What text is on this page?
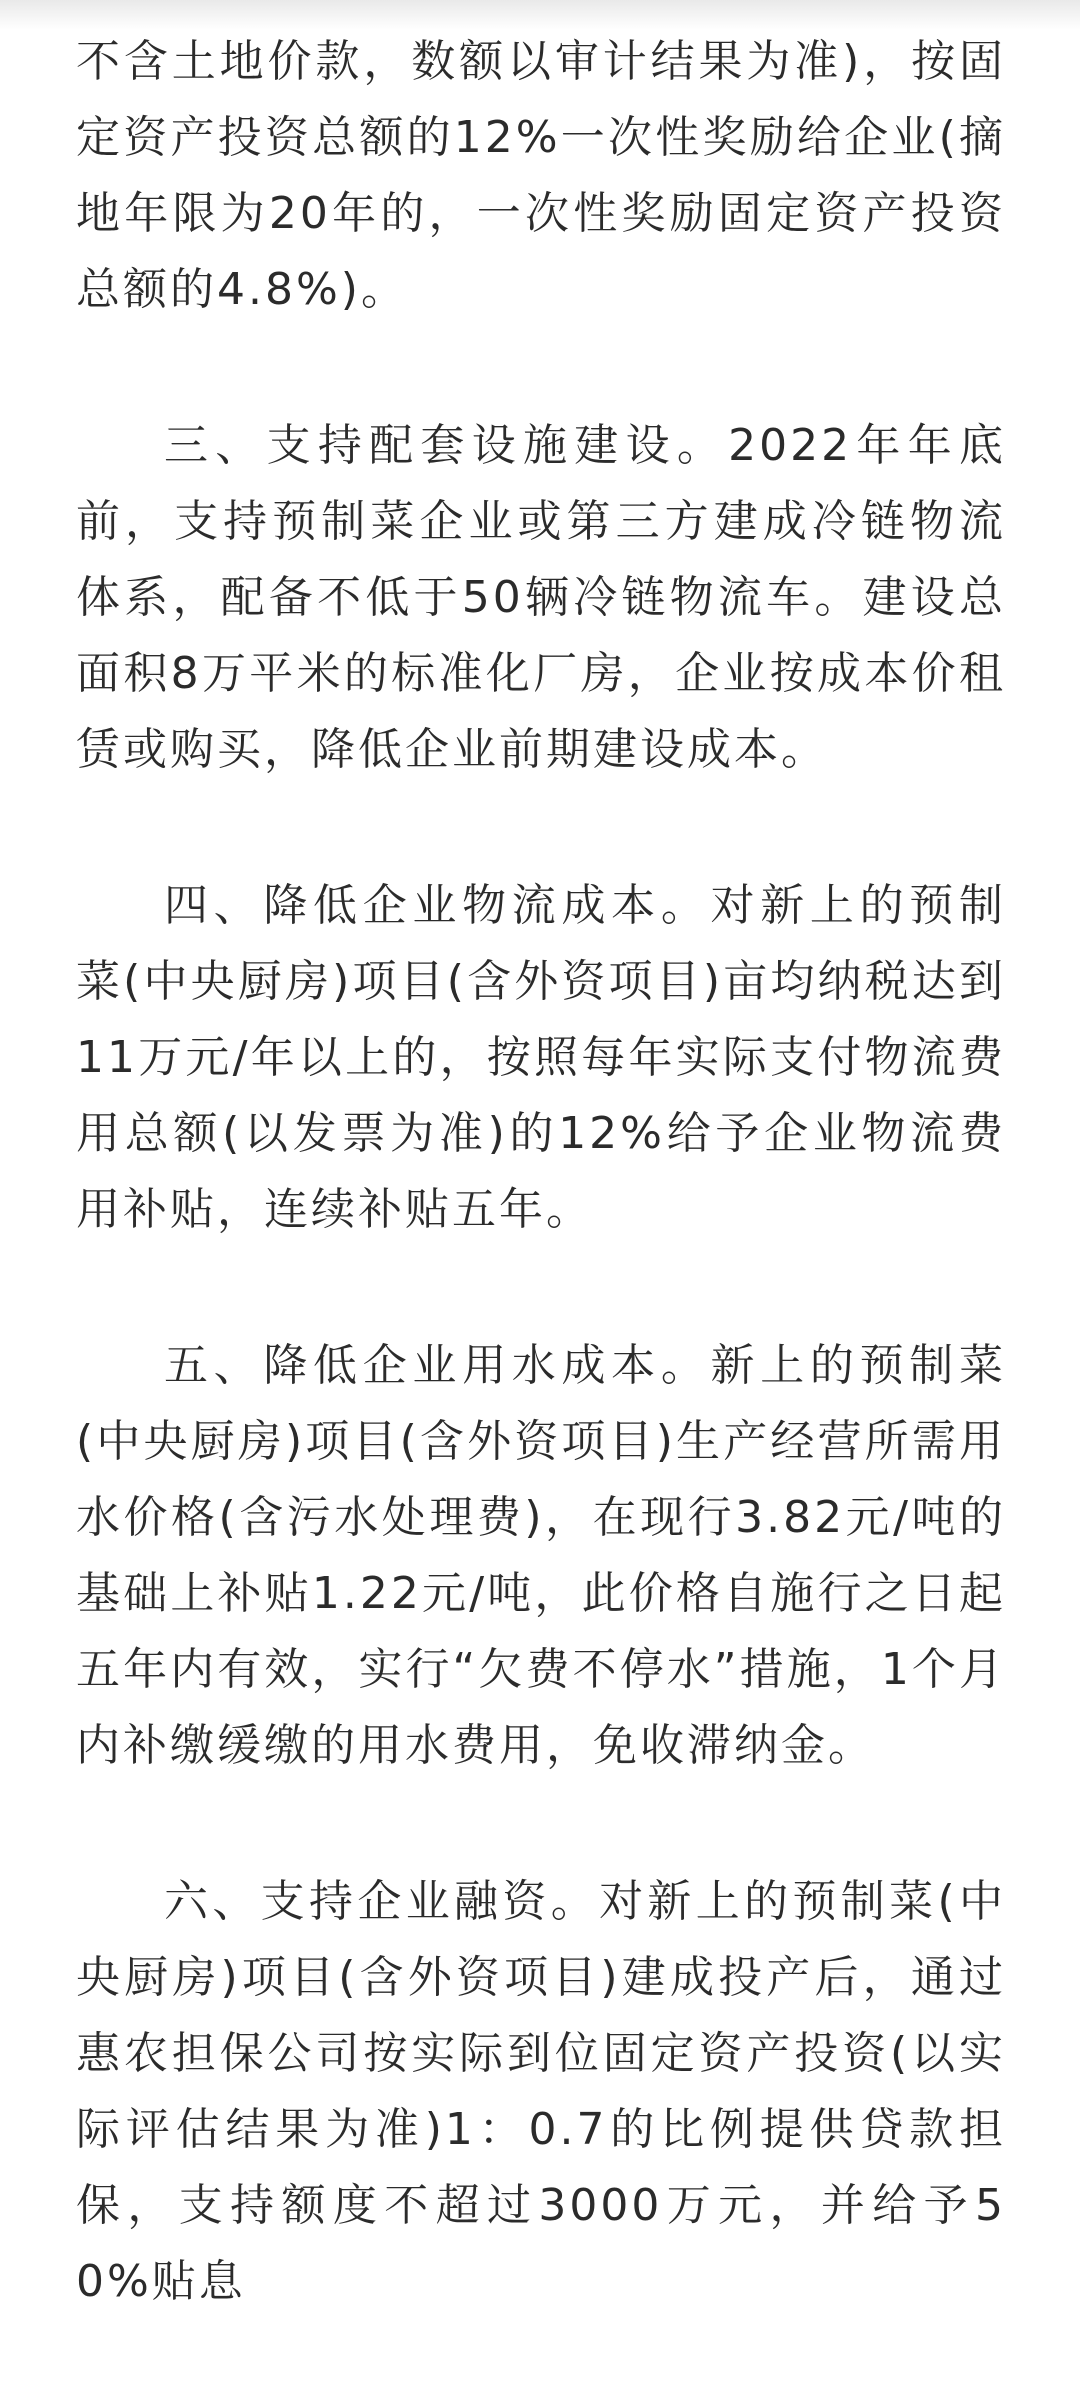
不含土地价款，数额以审计结果为准)，按固定资产投资总额的12%一次性奖励给企业(摘地年限为20年的，一次性奖励固定资产投资总额的4.8%)。

三、支持配套设施建设。2022年年底前，支持预制菜企业或第三方建成冷链物流体系，配备不低于50辆冷链物流车。建设总面积8万平米的标准化厂房，企业按成本价租赁或购买，降低企业前期建设成本。

四、降低企业物流成本。对新上的预制菜(中央厨房)项目(含外资项目)亩均纳税达到11万元/年以上的，按照每年实际支付物流费用总额(以发票为准)的12%给予企业物流费用补贴，连续补贴五年。

五、降低企业用水成本。新上的预制菜(中央厨房)项目(含外资项目)生产经营所需用水价格(含污水处理费)，在现行3.82元/吨的基础上补贴1.22元/吨，此价格自施行之日起五年内有效，实行“欠费不停水”措施，1个月内补缴缓缴的用水费用，免收滞纳金。

六、支持企业融资。对新上的预制菜(中央厨房)项目(含外资项目)建成投产后，通过惠农担保公司按实际到位固定资产投资(以实际评估结果为准)1：0.7的比例提供贷款担保，支持额度不超过3000万元，并给予50%贴息
